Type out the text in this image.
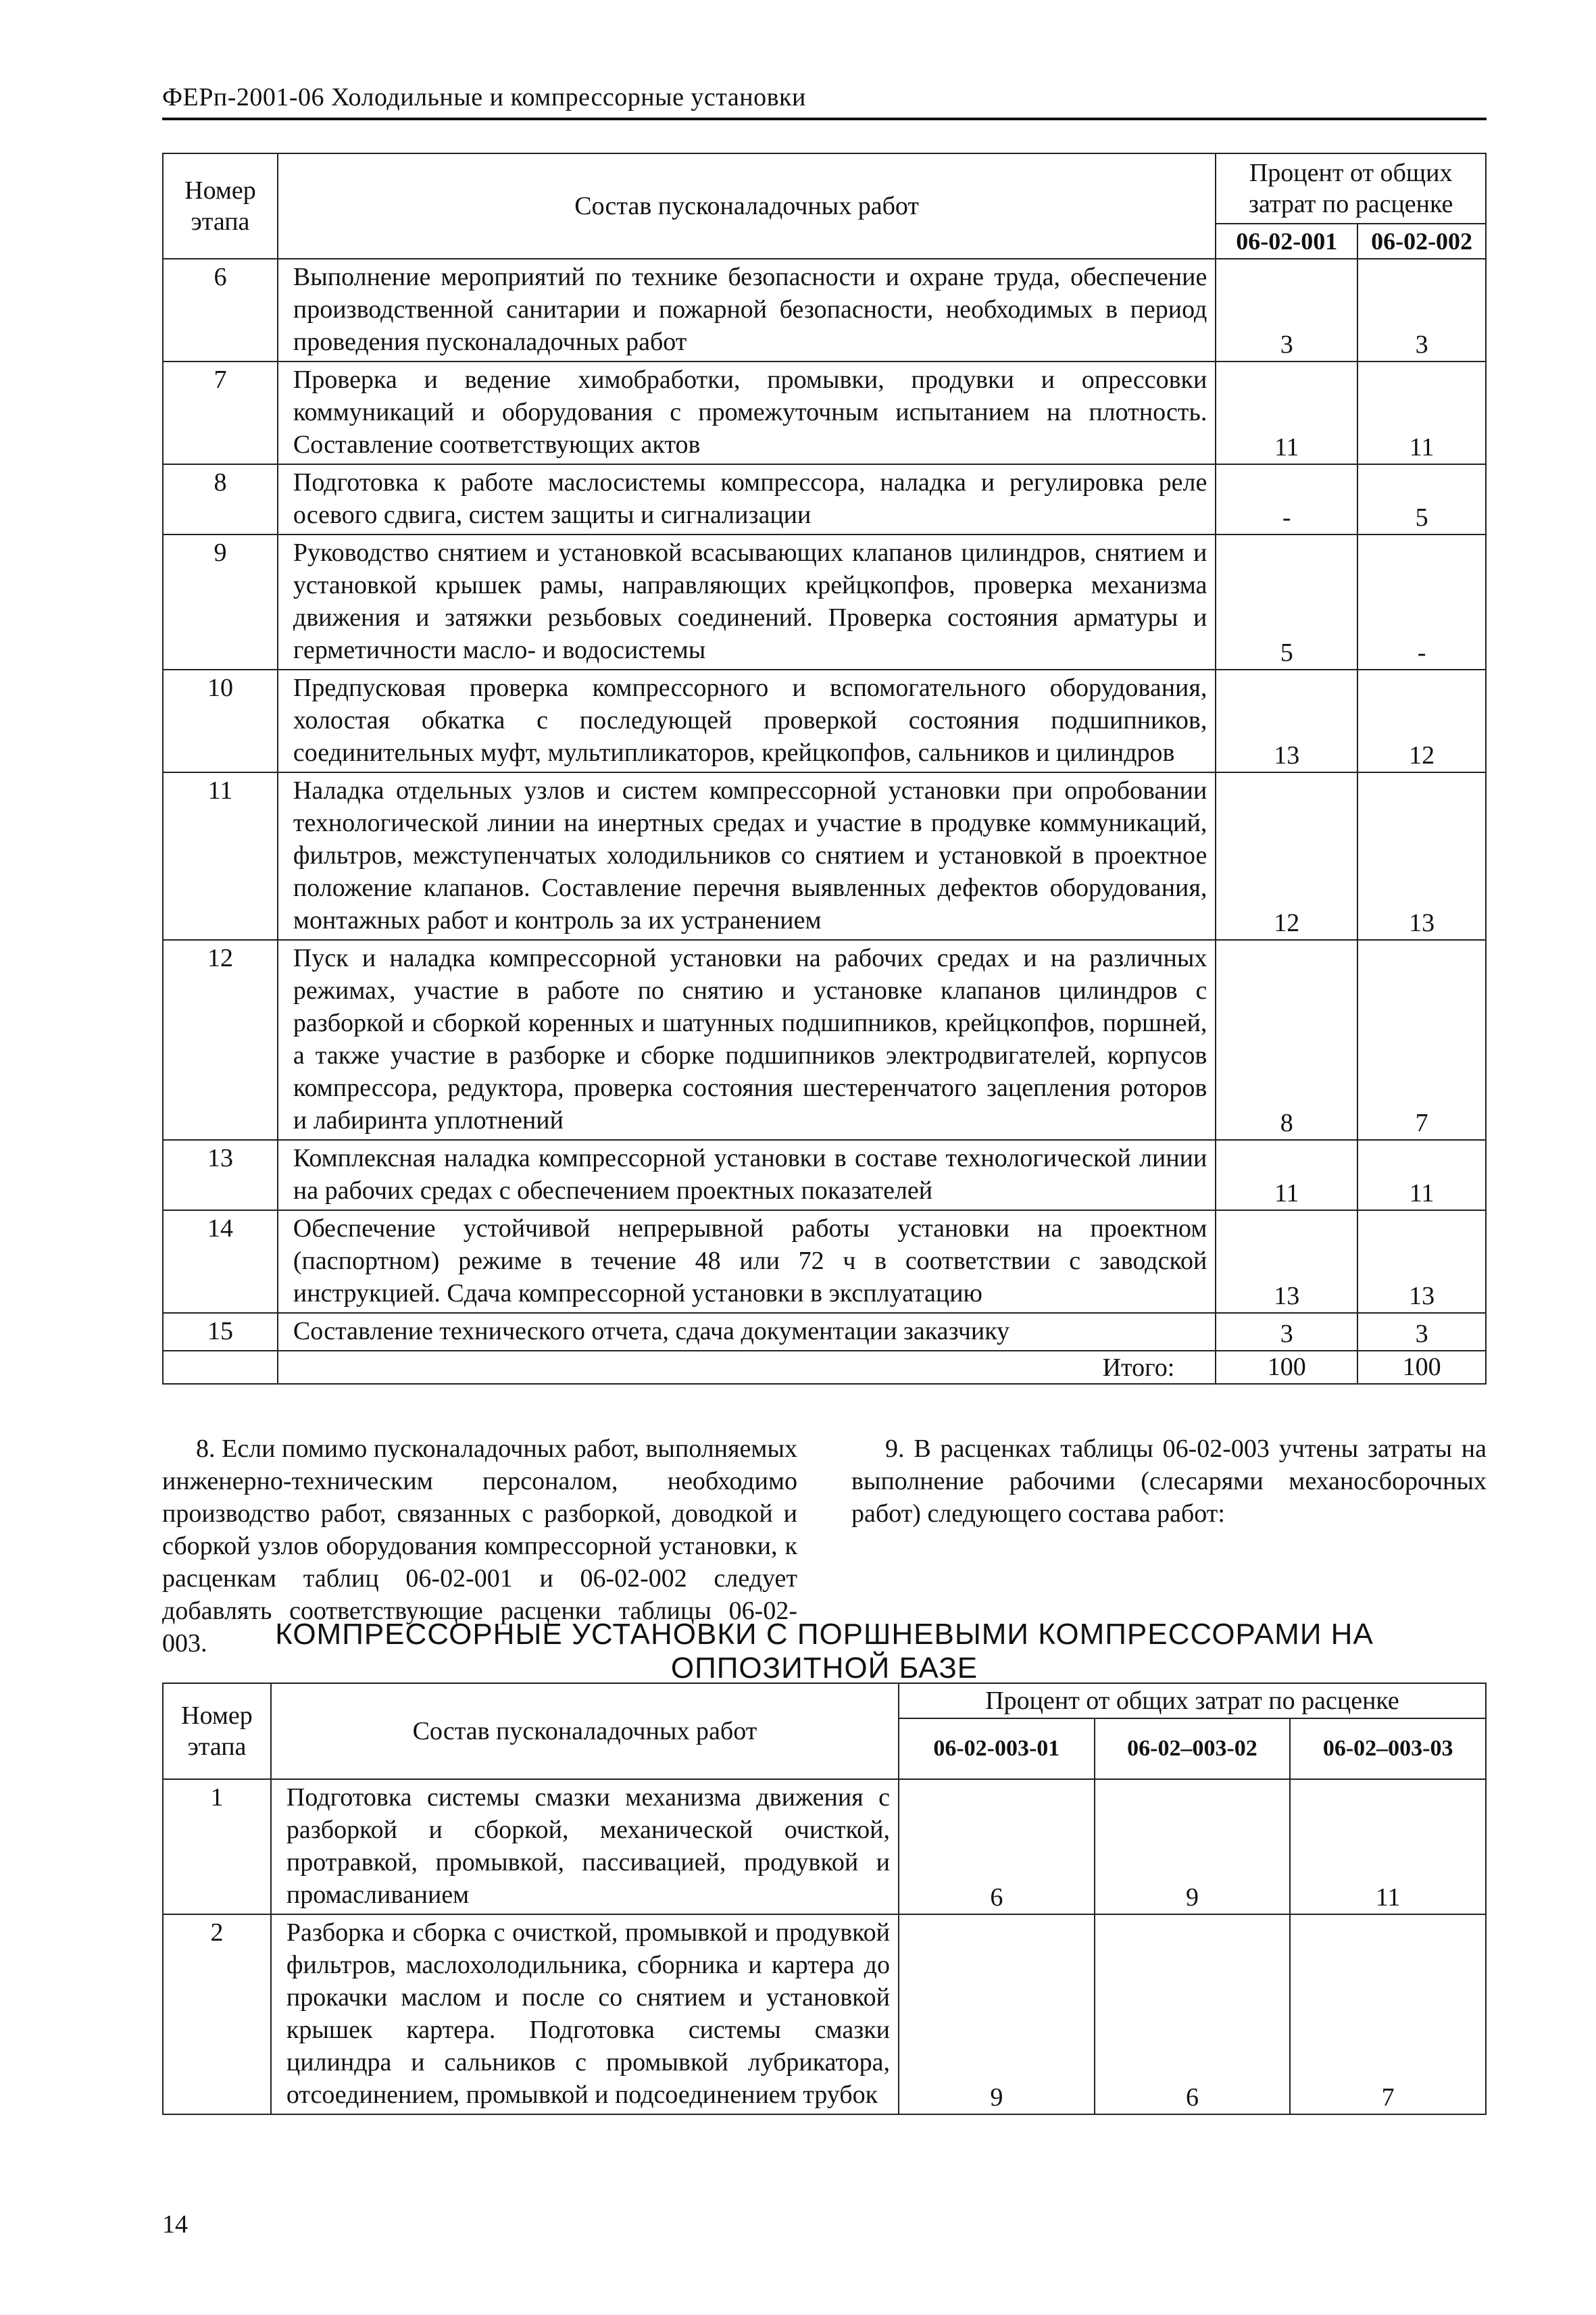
ФЕРп-2001-06 Холодильные и компрессорные установки
Номер этапа	Состав пусконаладочных работ	Процент от общих затрат по расценке	
		06-02-001	06-02-002
6	Выполнение мероприятий по технике безопасности и охране труда, обеспечение производственной санитарии и пожарной безопасности, необходимых в период проведения пусконаладочных работ	3	3
7	Проверка и ведение химобработки, промывки, продувки и опрессовки коммуникаций и оборудования с промежуточным испытанием на плотность. Составление соответствующих актов	11	11
8	Подготовка к работе маслосистемы компрессора, наладка и регулировка реле осевого сдвига, систем защиты и сигнализации	-	5
9	Руководство снятием и установкой всасывающих клапанов цилиндров, снятием и установкой крышек рамы, направляющих крейцкопфов, проверка механизма движения и затяжки резьбовых соединений. Проверка состояния арматуры и герметичности масло- и водосистемы	5	-
10	Предпусковая проверка компрессорного и вспомогательного оборудования, холостая обкатка с последующей проверкой состояния подшипников, соединительных муфт, мультипликаторов, крейцкопфов, сальников и цилиндров	13	12
11	Наладка отдельных узлов и систем компрессорной установки при опробовании технологической линии на инертных средах и участие в продувке коммуникаций, фильтров, межступенчатых холодильников со снятием и установкой в проектное положение клапанов. Составление перечня выявленных дефектов оборудования, монтажных работ и контроль за их устранением	12	13
12	Пуск и наладка компрессорной установки на рабочих средах и на различных режимах, участие в работе по снятию и установке клапанов цилиндров с разборкой и сборкой коренных и шатунных подшипников, крейцкопфов, поршней, а также участие в разборке и сборке подшипников электродвигателей, корпусов компрессора, редуктора, проверка состояния шестеренчатого зацепления роторов и лабиринта уплотнений	8	7
13	Комплексная наладка компрессорной установки в составе технологической линии на рабочих средах с обеспечением проектных показателей	11	11
14	Обеспечение устойчивой непрерывной работы установки на проектном (паспортном) режиме в течение 48 или 72 ч в соответствии с заводской инструкцией. Сдача компрессорной установки в эксплуатацию	13	13
15	Составление технического отчета, сдача документации заказчику	3	3
	Итого:	100	100

8. Если помимо пусконаладочных работ, выполняемых инженерно-техническим персоналом, необходимо производство работ, связанных с разборкой, доводкой и сборкой узлов оборудования компрессорной установки, к расценкам таблиц 06-02-001 и 06-02-002 следует добавлять соответствующие расценки таблицы 06-02-003.

9. В расценках таблицы 06-02-003 учтены затраты на выполнение рабочими (слесарями механосборочных работ) следующего состава работ:

КОМПРЕССОРНЫЕ УСТАНОВКИ С ПОРШНЕВЫМИ КОМПРЕССОРАМИ НА ОППОЗИТНОЙ БАЗЕ
Номер этапа	Состав пусконаладочных работ	Процент от общих затрат по расценке		
		06-02-003-01	06-02–003-02	06-02–003-03
1	Подготовка системы смазки механизма движения с разборкой и сборкой, механической очисткой, протравкой, промывкой, пассивацией, продувкой и промасливанием	6	9	11
2	Разборка и сборка с очисткой, промывкой и продувкой фильтров, маслохолодильника, сборника и картера до прокачки маслом и после со снятием и установкой крышек картера. Подготовка системы смазки цилиндра и сальников с промывкой лубрикатора, отсоединением, промывкой и подсоединением трубок	9	6	7
14
